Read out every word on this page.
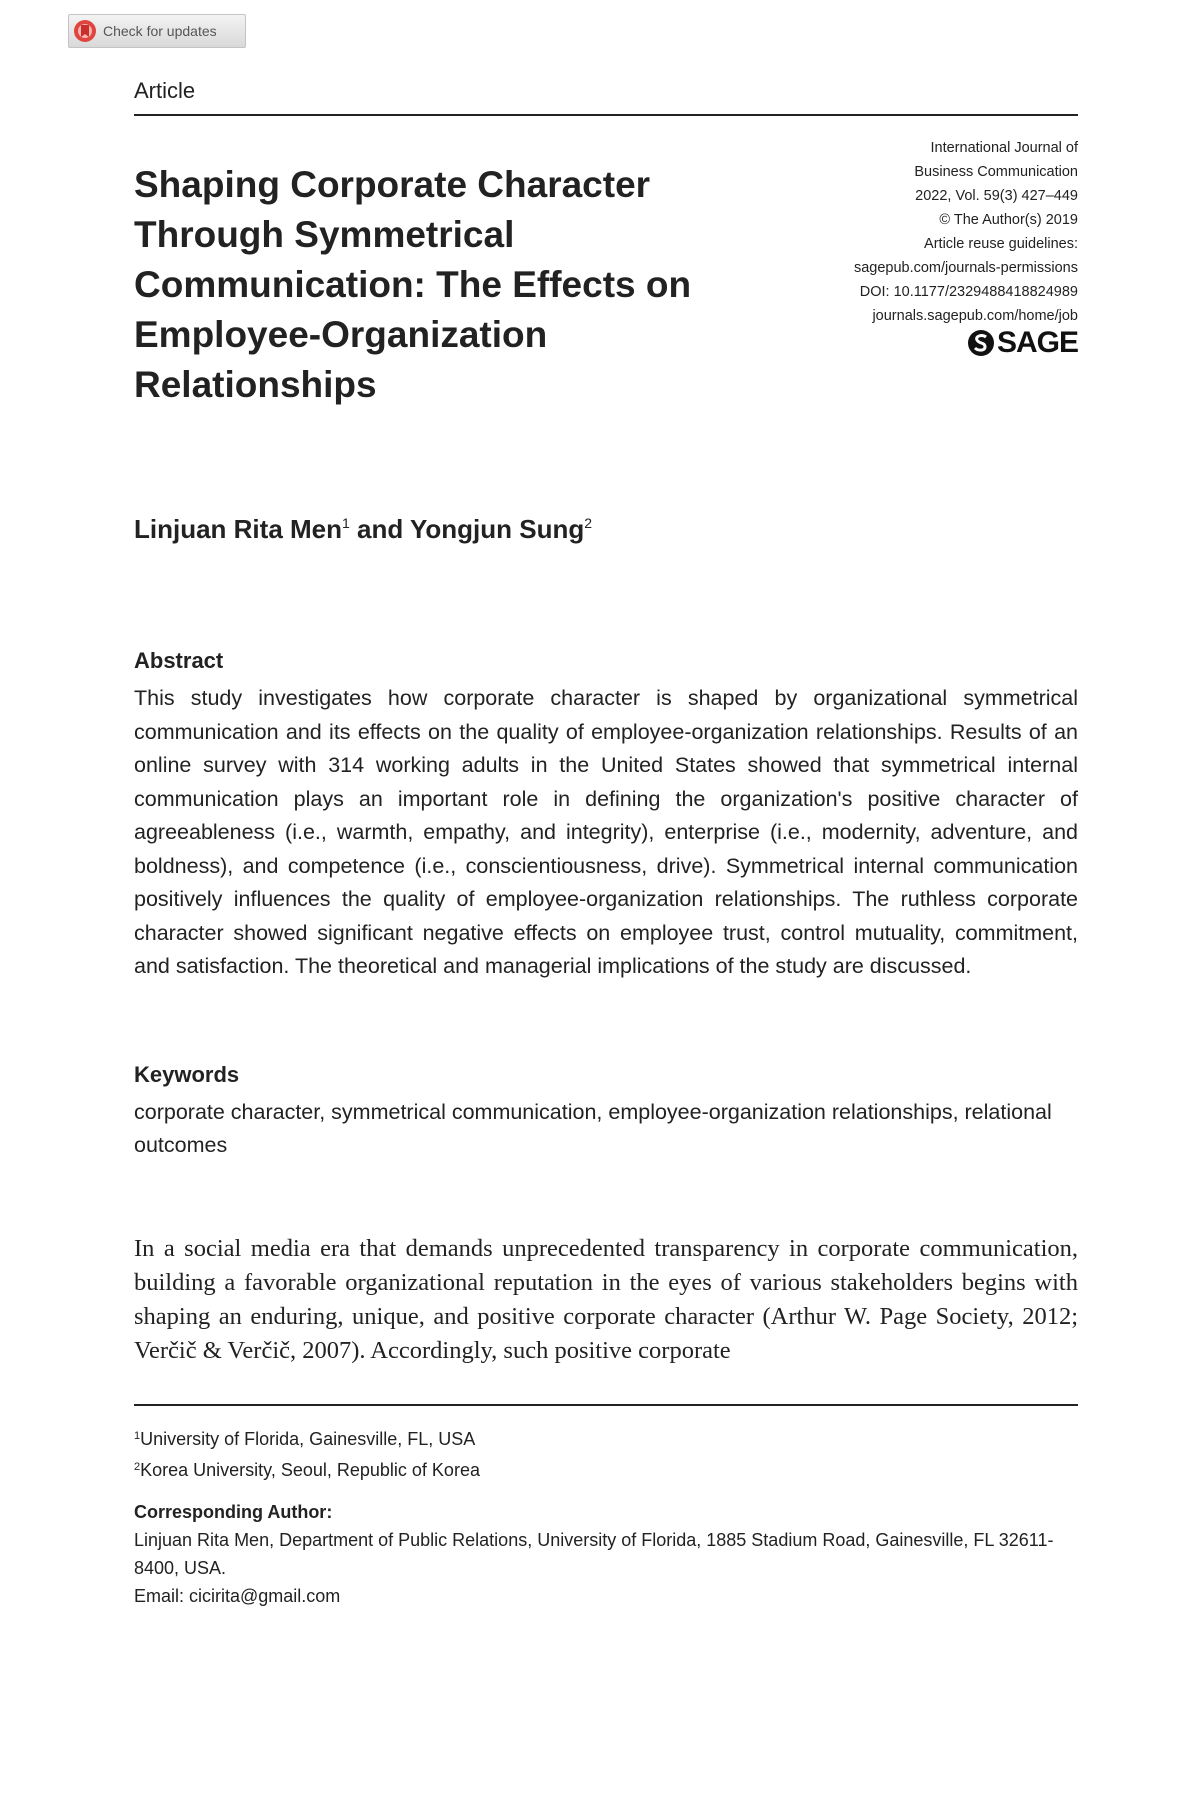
Check for updates
Article
Shaping Corporate Character Through Symmetrical Communication: The Effects on Employee-Organization Relationships
International Journal of
Business Communication
2022, Vol. 59(3) 427–449
© The Author(s) 2019
Article reuse guidelines:
sagepub.com/journals-permissions
DOI: 10.1177/2329488418824989
journals.sagepub.com/home/job
SAGE
Linjuan Rita Men$^1$ and Yongjun Sung$^2$
Abstract

This study investigates how corporate character is shaped by organizational symmetrical communication and its effects on the quality of employee-organization relationships. Results of an online survey with 314 working adults in the United States showed that symmetrical internal communication plays an important role in defining the organization's positive character of agreeableness (i.e., warmth, empathy, and integrity), enterprise (i.e., modernity, adventure, and boldness), and competence (i.e., conscientiousness, drive). Symmetrical internal communication positively influences the quality of employee-organization relationships. The ruthless corporate character showed significant negative effects on employee trust, control mutuality, commitment, and satisfaction. The theoretical and managerial implications of the study are discussed.

Keywords

corporate character, symmetrical communication, employee-organization relationships, relational outcomes

In a social media era that demands unprecedented transparency in corporate communication, building a favorable organizational reputation in the eyes of various stakeholders begins with shaping an enduring, unique, and positive corporate character (Arthur W. Page Society, 2012; Verčič & Verčič, 2007). Accordingly, such positive corporate

$^1$University of Florida, Gainesville, FL, USA
$^2$Korea University, Seoul, Republic of Korea
Corresponding Author:
Linjuan Rita Men, Department of Public Relations, University of Florida, 1885 Stadium Road, Gainesville, FL 32611-8400, USA.
Email: cicirita@gmail.com
